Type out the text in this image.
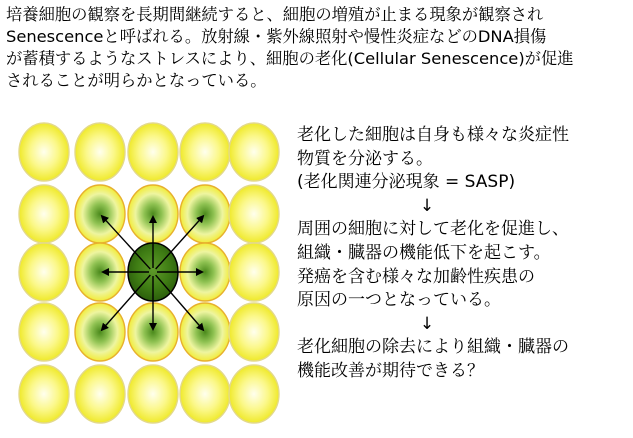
培養細胞の観察を長期間継続すると、細胞の増殖が止まる現象が観察され
Senescenceと呼ばれる。放射線・紫外線照射や慢性炎症などのDNA損傷
が蓄積するようなストレスにより、細胞の老化(Cellular Senescence)が促進
されることが明らかとなっている。
老化した細胞は自身も様々な炎症性
物質を分泌する。
(老化関連分泌現象 = SASP)
↓
周囲の細胞に対して老化を促進し、
組織・臓器の機能低下を起こす。
発癌を含む様々な加齢性疾患の
原因の一つとなっている。
↓
老化細胞の除去により組織・臓器の
機能改善が期待できる？
